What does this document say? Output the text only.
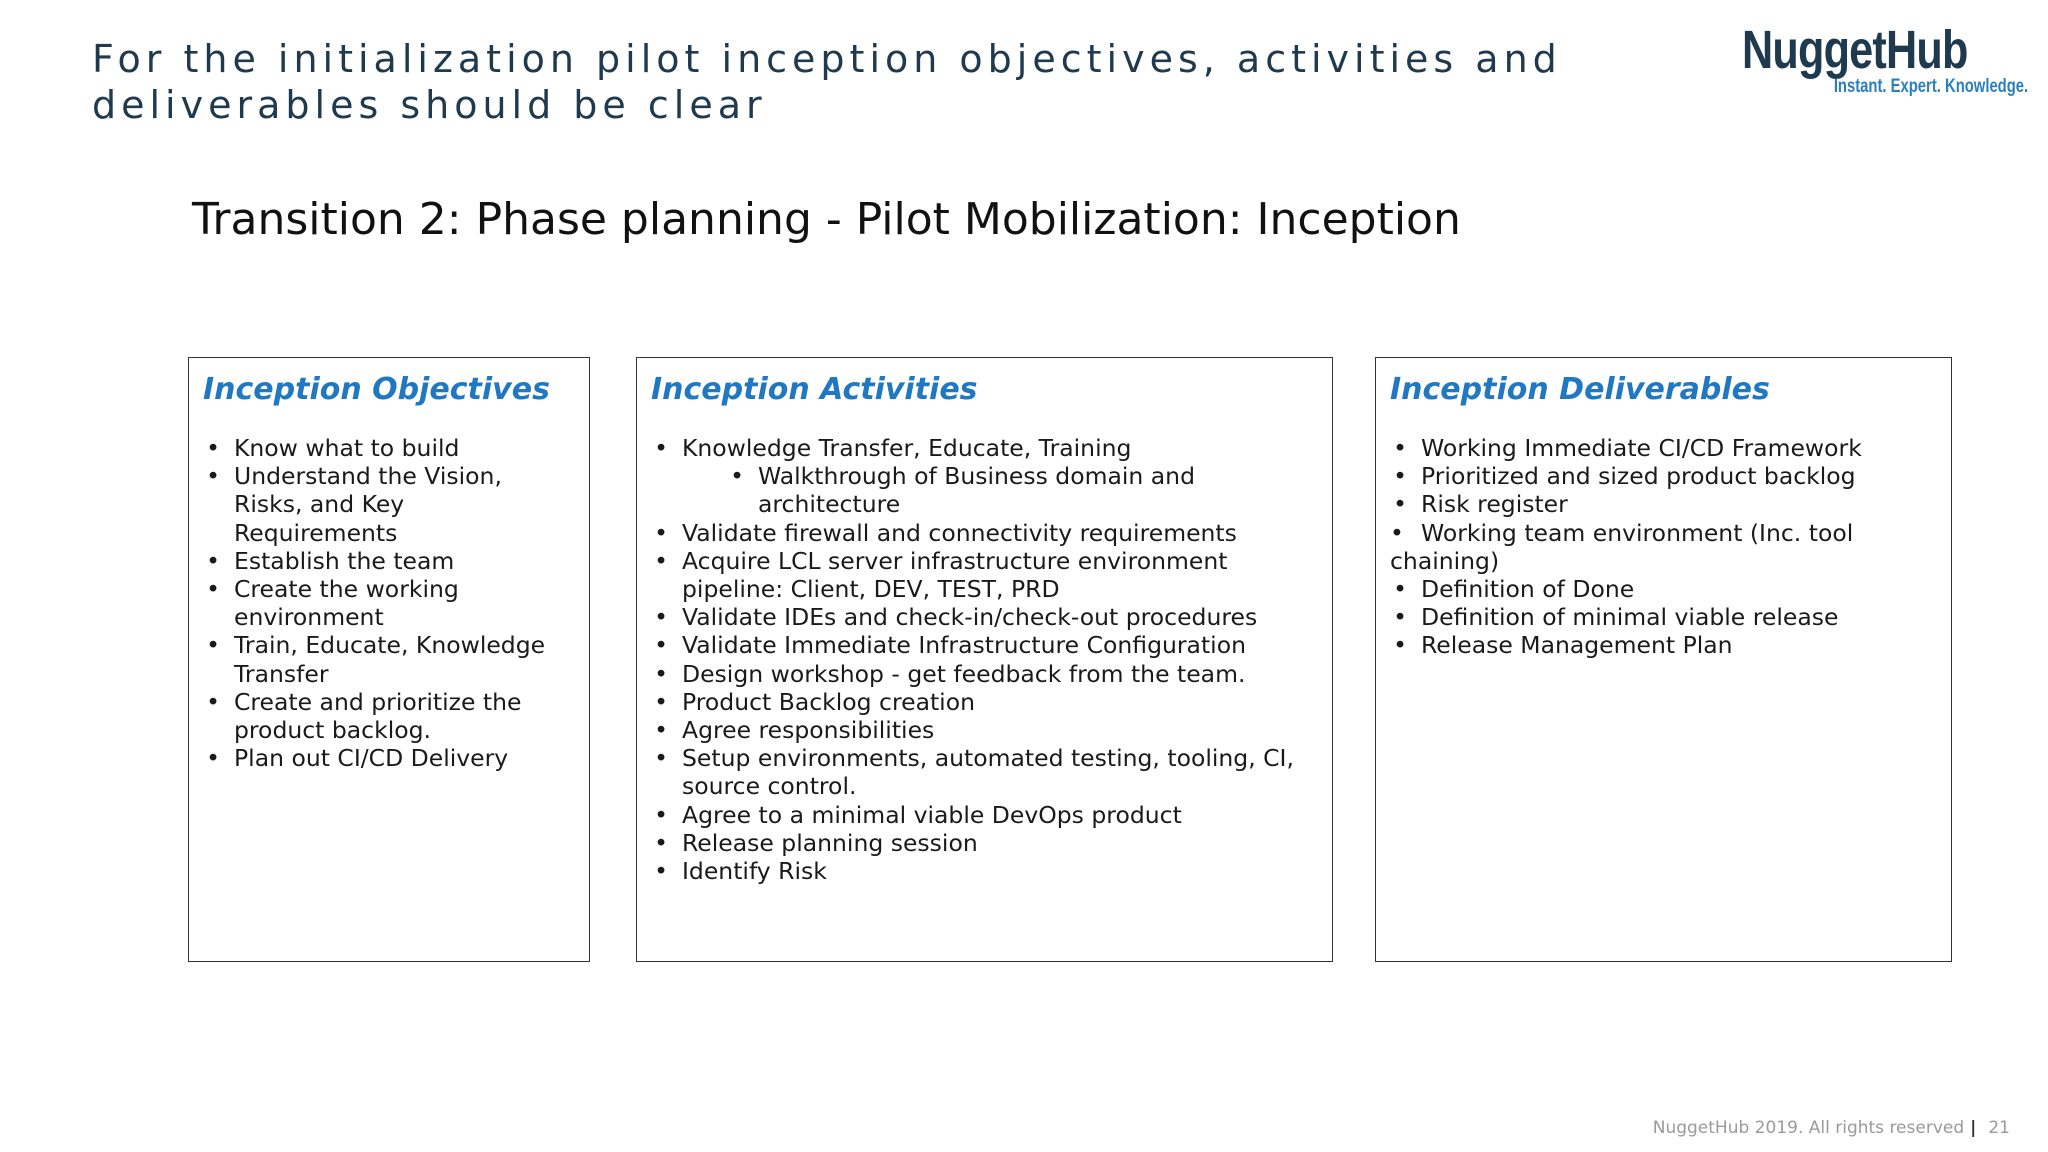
For the initialization pilot inception objectives, activities and
deliverables should be clear
NuggetHub
Instant. Expert. Knowledge.
Transition 2: Phase planning - Pilot Mobilization: Inception
Inception Objectives
• Know what to build
• Understand the Vision, Risks, and Key Requirements
• Establish the team
• Create the working environment
• Train, Educate, Knowledge Transfer
• Create and prioritize the product backlog.
• Plan out CI/CD Delivery
Inception Activities
• Knowledge Transfer, Educate, Training
• Walkthrough of Business domain and architecture
• Validate firewall and connectivity requirements
• Acquire LCL server infrastructure environment pipeline: Client, DEV, TEST, PRD
• Validate IDEs and check-in/check-out procedures
• Validate Immediate Infrastructure Configuration
• Design workshop - get feedback from the team.
• Product Backlog creation
• Agree responsibilities
• Setup environments, automated testing, tooling, CI, source control.
• Agree to a minimal viable DevOps product
• Release planning session
• Identify Risk
Inception Deliverables
• Working Immediate CI/CD Framework
• Prioritized and sized product backlog
• Risk register
• Working team environment (Inc. tool chaining)
• Definition of Done
• Definition of minimal viable release
• Release Management Plan
NuggetHub 2019. All rights reserved | 21
